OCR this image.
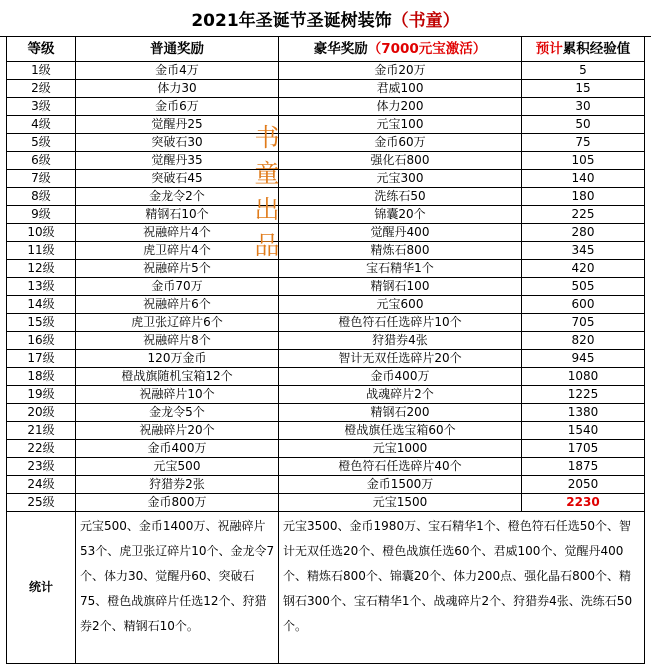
2021年圣诞节圣诞树装饰 （书童）
等级	普通奖励	豪华奖励（7000元宝激活）	预计累积经验值
1级	金币4万	金币20万	5
2级	体力30	君威100	15
3级	金币6万	体力200	30
4级	觉醒丹25	元宝100	50
5级	突破石30	金币60万	75
6级	觉醒丹35	强化石800	105
7级	突破石45	元宝300	140
8级	金龙令2个	洗练石50	180
9级	精钢石10个	锦囊20个	225
10级	祝融碎片4个	觉醒丹400	280
11级	虎卫碎片4个	精炼石800	345
12级	祝融碎片5个	宝石精华1个	420
13级	金币70万	精钢石100	505
14级	祝融碎片6个	元宝600	600
15级	虎卫张辽碎片6个	橙色符石任选碎片10个	705
16级	祝融碎片8个	狩猎券4张	820
17级	120万金币	智计无双任选碎片20个	945
18级	橙战旗随机宝箱12个	金币400万	1080
19级	祝融碎片10个	战魂碎片2个	1225
20级	金龙令5个	精钢石200	1380
21级	祝融碎片20个	橙战旗任选宝箱60个	1540
22级	金币400万	元宝1000	1705
23级	元宝500	橙色符石任选碎片40个	1875
24级	狩猎券2张	金币1500万	2050
25级	金币800万	元宝1500	2230
统计	元宝500、金币1400万、祝融碎片53个、虎卫张辽碎片10个、金龙令7个、体力30、觉醒丹60、突破石75、橙色战旗碎片任选12个、狩猎券2个、精钢石10个。	元宝3500、金币1980万、宝石精华1个、橙色符石任选50个、智计无双任选20个、橙色战旗任选60个、君威100个、觉醒丹400个、精炼石800个、锦囊20个、体力200点、强化晶石800个、精钢石300个、宝石精华1个、战魂碎片2个、狩猎券4张、洗练石50个。	
书
童
出
品
